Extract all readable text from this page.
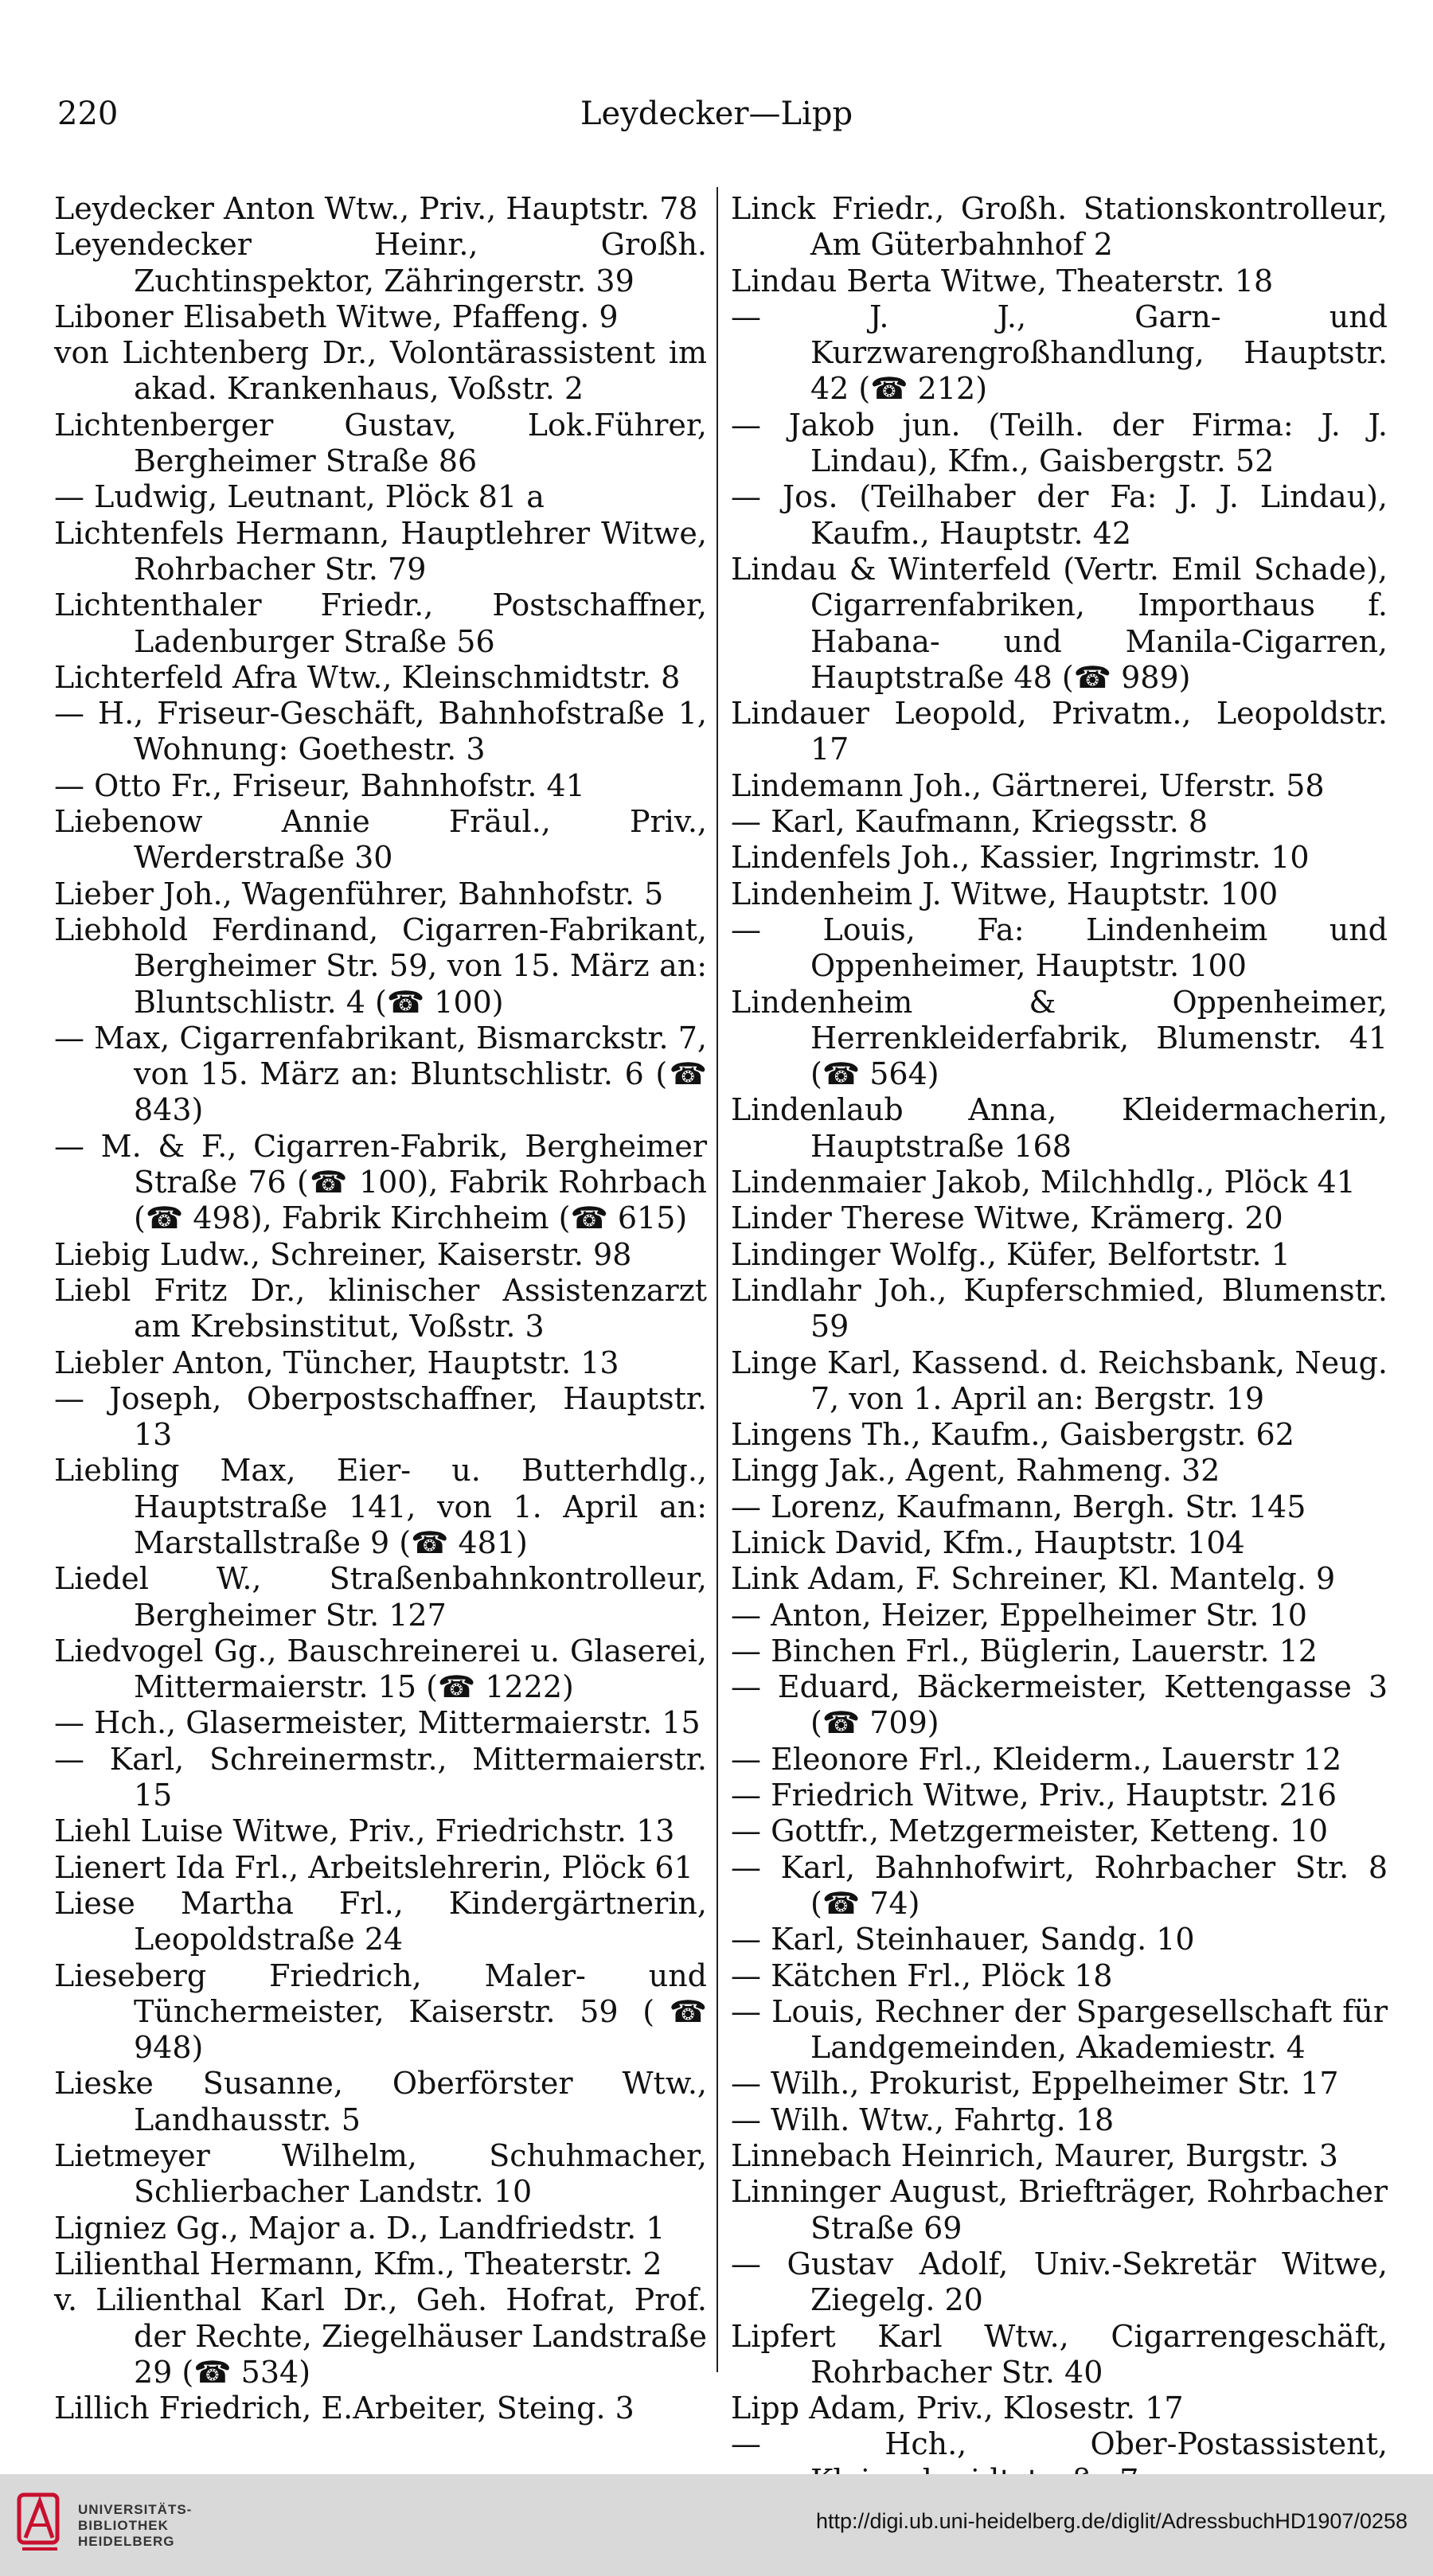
220	Leydecker—Lipp
Leydecker Anton Wtw., Priv., Hauptstr. 78
Leyendecker Heinr., Großh. Zuchtinspektor, Zähringerstr. 39
Liboner Elisabeth Witwe, Pfaffeng. 9
von Lichtenberg Dr., Volontärassistent im akad. Krankenhaus, Voßstr. 2
Lichtenberger Gustav, Lok.Führer, Bergheimer Straße 86
— Ludwig, Leutnant, Plöck 81 a
Lichtenfels Hermann, Hauptlehrer Witwe, Rohrbacher Str. 79
Lichtenthaler Friedr., Postschaffner, Ladenburger Straße 56
Lichterfeld Afra Wtw., Kleinschmidtstr. 8
— H., Friseur-Geschäft, Bahnhofstraße 1, Wohnung: Goethestr. 3
— Otto Fr., Friseur, Bahnhofstr. 41
Liebenow Annie Fräul., Priv., Werderstraße 30
Lieber Joh., Wagenführer, Bahnhofstr. 5
Liebhold Ferdinand, Cigarren-Fabrikant, Bergheimer Str. 59, von 15. März an: Bluntschlistr. 4 (☎ 100)
— Max, Cigarrenfabrikant, Bismarckstr. 7, von 15. März an: Bluntschlistr. 6 (☎ 843)
— M. & F., Cigarren-Fabrik, Bergheimer Straße 76 (☎ 100), Fabrik Rohrbach (☎ 498), Fabrik Kirchheim (☎ 615)
Liebig Ludw., Schreiner, Kaiserstr. 98
Liebl Fritz Dr., klinischer Assistenzarzt am Krebsinstitut, Voßstr. 3
Liebler Anton, Tüncher, Hauptstr. 13
— Joseph, Oberpostschaffner, Hauptstr. 13
Liebling Max, Eier- u. Butterhdlg., Hauptstraße 141, von 1. April an: Marstallstraße 9 (☎ 481)
Liedel W., Straßenbahnkontrolleur, Bergheimer Str. 127
Liedvogel Gg., Bauschreinerei u. Glaserei, Mittermaierstr. 15 (☎ 1222)
— Hch., Glasermeister, Mittermaierstr. 15
— Karl, Schreinermstr., Mittermaierstr. 15
Liehl Luise Witwe, Priv., Friedrichstr. 13
Lienert Ida Frl., Arbeitslehrerin, Plöck 61
Liese Martha Frl., Kindergärtnerin, Leopoldstraße 24
Lieseberg Friedrich, Maler- und Tünchermeister, Kaiserstr. 59 (☎ 948)
Lieske Susanne, Oberförster Wtw., Landhausstr. 5
Lietmeyer Wilhelm, Schuhmacher, Schlierbacher Landstr. 10
Ligniez Gg., Major a. D., Landfriedstr. 1
Lilienthal Hermann, Kfm., Theaterstr. 2
v. Lilienthal Karl Dr., Geh. Hofrat, Prof. der Rechte, Ziegelhäuser Landstraße 29 (☎ 534)
Lillich Friedrich, E.Arbeiter, Steing. 3
Linck Friedr., Großh. Stationskontrolleur, Am Güterbahnhof 2
Lindau Berta Witwe, Theaterstr. 18
— J. J., Garn- und Kurzwarengroßhandlung, Hauptstr. 42 (☎ 212)
— Jakob jun. (Teilh. der Firma: J. J. Lindau), Kfm., Gaisbergstr. 52
— Jos. (Teilhaber der Fa: J. J. Lindau), Kaufm., Hauptstr. 42
Lindau & Winterfeld (Vertr. Emil Schade), Cigarrenfabriken, Importhaus f. Habana- und Manila-Cigarren, Hauptstraße 48 (☎ 989)
Lindauer Leopold, Privatm., Leopoldstr. 17
Lindemann Joh., Gärtnerei, Uferstr. 58
— Karl, Kaufmann, Kriegsstr. 8
Lindenfels Joh., Kassier, Ingrimstr. 10
Lindenheim J. Witwe, Hauptstr. 100
— Louis, Fa: Lindenheim und Oppenheimer, Hauptstr. 100
Lindenheim & Oppenheimer, Herrenkleiderfabrik, Blumenstr. 41 (☎ 564)
Lindenlaub Anna, Kleidermacherin, Hauptstraße 168
Lindenmaier Jakob, Milchhdlg., Plöck 41
Linder Therese Witwe, Krämerg. 20
Lindinger Wolfg., Küfer, Belfortstr. 1
Lindlahr Joh., Kupferschmied, Blumenstr. 59
Linge Karl, Kassend. d. Reichsbank, Neug. 7, von 1. April an: Bergstr. 19
Lingens Th., Kaufm., Gaisbergstr. 62
Lingg Jak., Agent, Rahmeng. 32
— Lorenz, Kaufmann, Bergh. Str. 145
Linick David, Kfm., Hauptstr. 104
Link Adam, F. Schreiner, Kl. Mantelg. 9
— Anton, Heizer, Eppelheimer Str. 10
— Binchen Frl., Büglerin, Lauerstr. 12
— Eduard, Bäckermeister, Kettengasse 3 (☎ 709)
— Eleonore Frl., Kleiderm., Lauerstr 12
— Friedrich Witwe, Priv., Hauptstr. 216
— Gottfr., Metzgermeister, Ketteng. 10
— Karl, Bahnhofwirt, Rohrbacher Str. 8 (☎ 74)
— Karl, Steinhauer, Sandg. 10
— Kätchen Frl., Plöck 18
— Louis, Rechner der Spargesellschaft für Landgemeinden, Akademiestr. 4
— Wilh., Prokurist, Eppelheimer Str. 17
— Wilh. Wtw., Fahrtg. 18
Linnebach Heinrich, Maurer, Burgstr. 3
Linninger August, Briefträger, Rohrbacher Straße 69
— Gustav Adolf, Univ.-Sekretär Witwe, Ziegelg. 20
Lipfert Karl Wtw., Cigarrengeschäft, Rohrbacher Str. 40
Lipp Adam, Priv., Klosestr. 17
— Hch., Ober-Postassistent,
UNIVERSITÄTS-
BIBLIOTHEK
HEIDELBERG
http://digi.ub.uni-heidelberg.de/diglit/AdressbuchHD1907/0258
